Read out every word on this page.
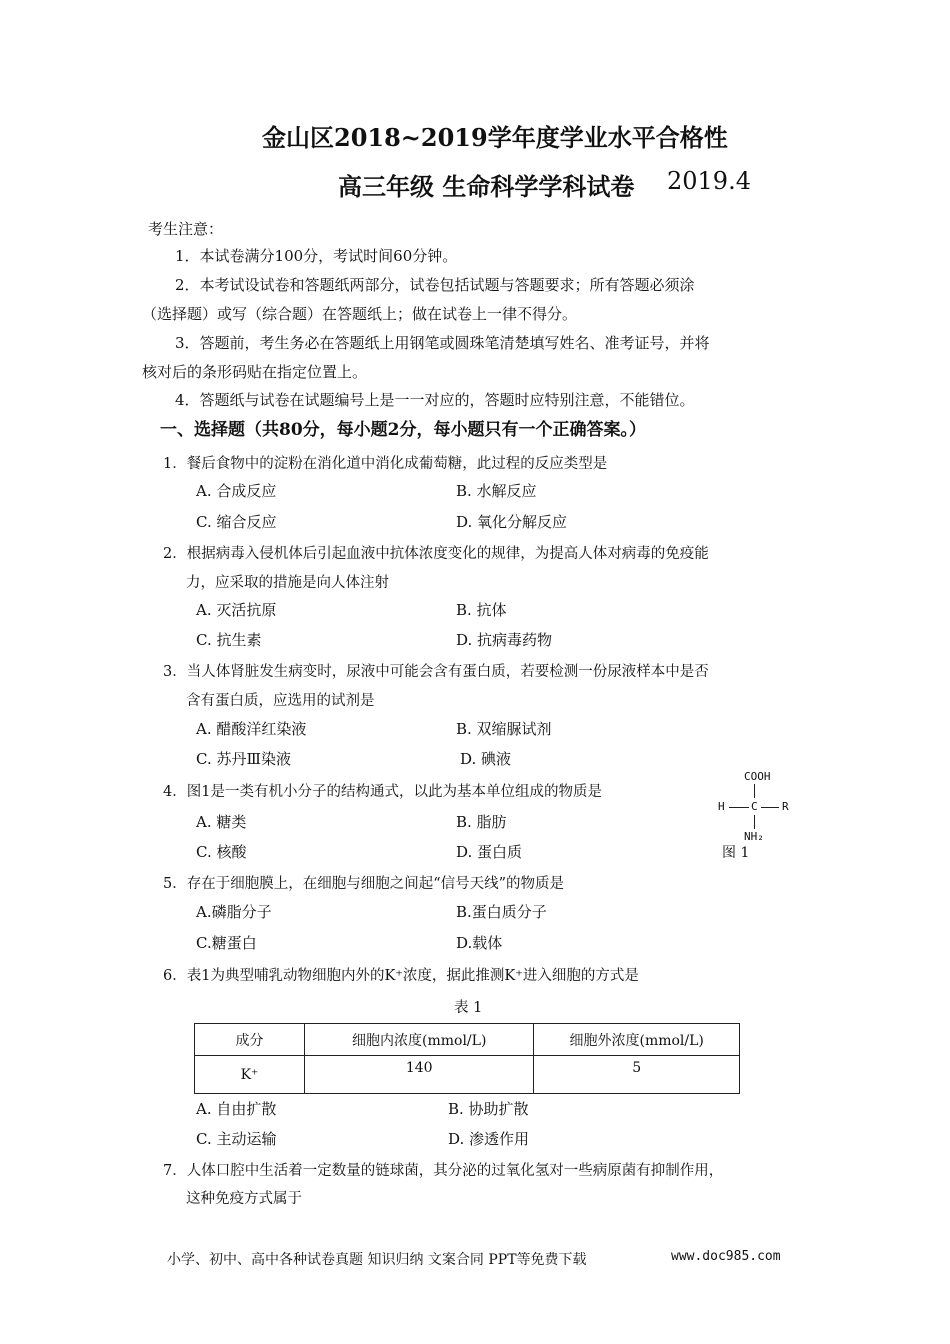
金山区2018~2019学年度学业水平合格性
高三年级 生命科学学科试卷 2019.4
考生注意：
1．本试卷满分100分，考试时间60分钟。
2．本考试设试卷和答题纸两部分，试卷包括试题与答题要求；所有答题必须涂
（选择题）或写（综合题）在答题纸上；做在试卷上一律不得分。
3．答题前，考生务必在答题纸上用钢笔或圆珠笔清楚填写姓名、准考证号，并将
核对后的条形码贴在指定位置上。
4．答题纸与试卷在试题编号上是一一对应的，答题时应特别注意，不能错位。
一、选择题（共80分，每小题2分，每小题只有一个正确答案。）
1．餐后食物中的淀粉在消化道中消化成葡萄糖，此过程的反应类型是
A. 合成反应	B. 水解反应
C. 缩合反应	D. 氧化分解反应
2．根据病毒入侵机体后引起血液中抗体浓度变化的规律，为提高人体对病毒的免疫能
力，应采取的措施是向人体注射
A. 灭活抗原	B. 抗体
C. 抗生素	D. 抗病毒药物
3．当人体肾脏发生病变时，尿液中可能会含有蛋白质，若要检测一份尿液样本中是否
含有蛋白质，应选用的试剂是
A. 醋酸洋红染液	B. 双缩脲试剂
C. 苏丹Ⅲ染液	D. 碘液
4．图1是一类有机小分子的结构通式，以此为基本单位组成的物质是
A. 糖类	B. 脂肪
C. 核酸	D. 蛋白质
COOH
H C R
NH₂
图 1
5．存在于细胞膜上，在细胞与细胞之间起“信号天线”的物质是
A.磷脂分子	B.蛋白质分子
C.糖蛋白	D.载体
6．表1为典型哺乳动物细胞内外的K⁺浓度，据此推测K⁺进入细胞的方式是
表 1
成分	细胞内浓度(mmol/L)	细胞外浓度(mmol/L)
K⁺	140	5
A. 自由扩散	B. 协助扩散
C. 主动运输	D. 渗透作用
7．人体口腔中生活着一定数量的链球菌，其分泌的过氧化氢对一些病原菌有抑制作用，
这种免疫方式属于
小学、初中、高中各种试卷真题 知识归纳 文案合同 PPT等免费下载	www.doc985.com
